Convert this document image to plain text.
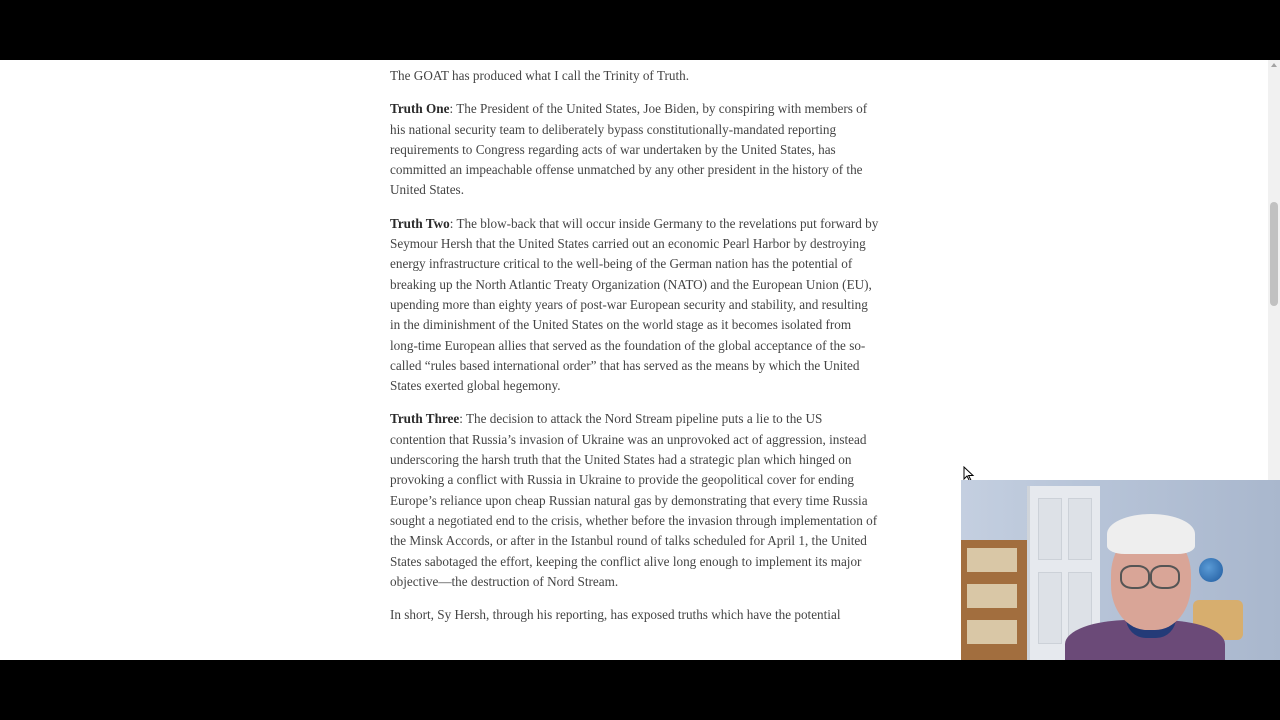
The GOAT has produced what I call the Trinity of Truth.

Truth One: The President of the United States, Joe Biden, by conspiring with members of his national security team to deliberately bypass constitutionally-mandated reporting requirements to Congress regarding acts of war undertaken by the United States, has committed an impeachable offense unmatched by any other president in the history of the United States.

Truth Two: The blow-back that will occur inside Germany to the revelations put forward by Seymour Hersh that the United States carried out an economic Pearl Harbor by destroying energy infrastructure critical to the well-being of the German nation has the potential of breaking up the North Atlantic Treaty Organization (NATO) and the European Union (EU), upending more than eighty years of post-war European security and stability, and resulting in the diminishment of the United States on the world stage as it becomes isolated from long-time European allies that served as the foundation of the global acceptance of the so-called “rules based international order” that has served as the means by which the United States exerted global hegemony.

Truth Three: The decision to attack the Nord Stream pipeline puts a lie to the US contention that Russia’s invasion of Ukraine was an unprovoked act of aggression, instead underscoring the harsh truth that the United States had a strategic plan which hinged on provoking a conflict with Russia in Ukraine to provide the geopolitical cover for ending Europe’s reliance upon cheap Russian natural gas by demonstrating that every time Russia sought a negotiated end to the crisis, whether before the invasion through implementation of the Minsk Accords, or after in the Istanbul round of talks scheduled for April 1, the United States sabotaged the effort, keeping the conflict alive long enough to implement its major objective—the destruction of Nord Stream.

In short, Sy Hersh, through his reporting, has exposed truths which have the potential
